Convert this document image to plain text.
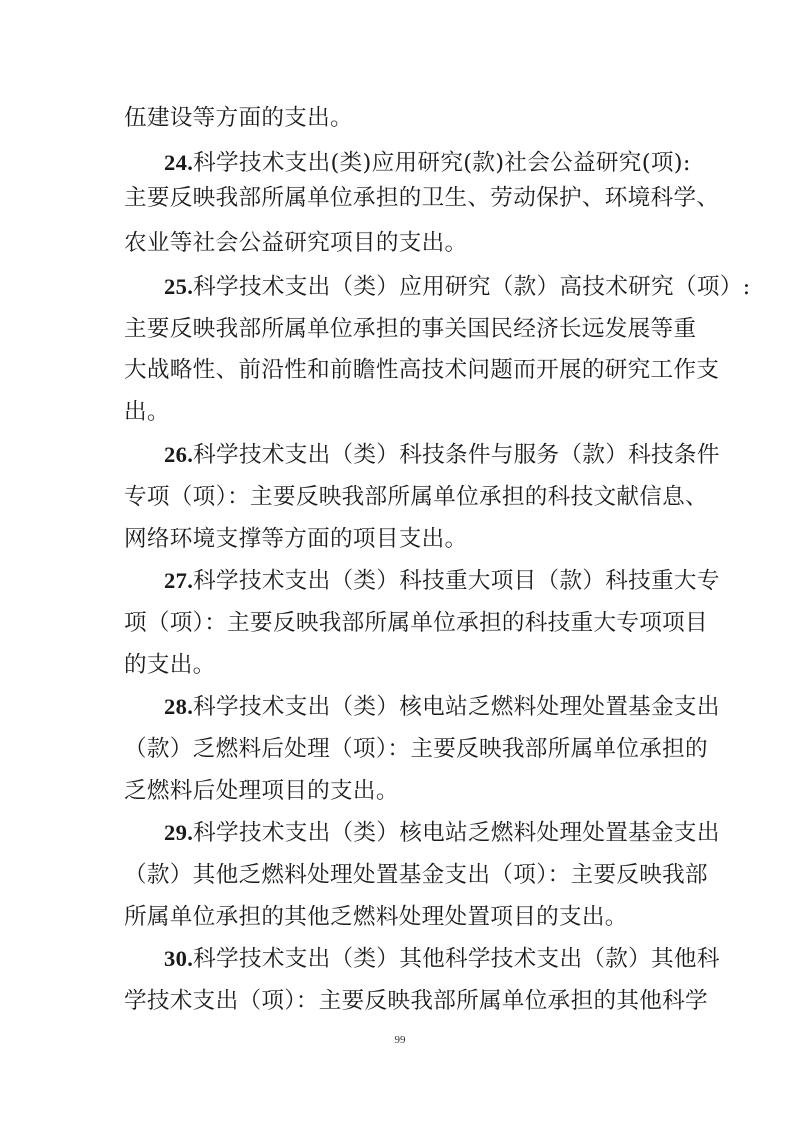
伍建设等方面的支出。
24.科学技术支出(类)应用研究(款)社会公益研究(项):
主要反映我部所属单位承担的卫生、劳动保护、环境科学、
农业等社会公益研究项目的支出。
25.科学技术支出（类）应用研究（款）高技术研究（项）:
主要反映我部所属单位承担的事关国民经济长远发展等重
大战略性、前沿性和前瞻性高技术问题而开展的研究工作支
出。
26.科学技术支出（类）科技条件与服务（款）科技条件
专项（项）：主要反映我部所属单位承担的科技文献信息、
网络环境支撑等方面的项目支出。
27.科学技术支出（类）科技重大项目（款）科技重大专
项（项）：主要反映我部所属单位承担的科技重大专项项目
的支出。
28.科学技术支出（类）核电站乏燃料处理处置基金支出
（款）乏燃料后处理（项）：主要反映我部所属单位承担的
乏燃料后处理项目的支出。
29.科学技术支出（类）核电站乏燃料处理处置基金支出
（款）其他乏燃料处理处置基金支出（项）：主要反映我部
所属单位承担的其他乏燃料处理处置项目的支出。
30.科学技术支出（类）其他科学技术支出（款）其他科
学技术支出（项）：主要反映我部所属单位承担的其他科学
99
